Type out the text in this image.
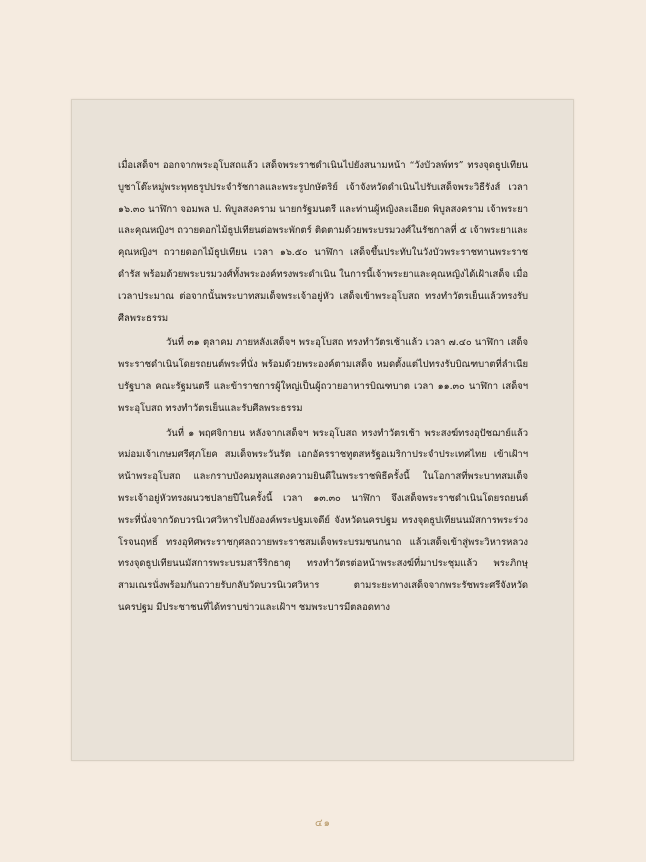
เมื่อเสด็จฯ ออกจากพระอุโบสถแล้ว เสด็จพระราชดำเนินไปยังสนามหน้า “วังบัวลพ์ทร” ทรงจุดธูปเทียนบูชาโต๊ะหมู่พระพุทธรูปประจำรัชกาลและพระรูปกษัตริย์ เจ้าจังหวัดดำเนินไปรับเสด็จพระวิธีรังส์ เวลา ๑๖.๓๐ นาฬิกา จอมพล ป. พิบูลสงคราม นายกรัฐมนตรี และท่านผู้หญิงละเอียด พิบูลสงคราม เจ้าพระยาและคุณหญิงฯ ถวายดอกไม้ธูปเทียนต่อพระพักตร์ ติดตามด้วยพระบรมวงศ์ในรัชกาลที่ ๕ เจ้าพระยาและคุณหญิงฯ ถวายดอกไม้ธูปเทียน เวลา ๑๖.๕๐ นาฬิกา เสด็จขึ้นประทับในวังบัวพระราชทานพระราชดำรัส พร้อมด้วยพระบรมวงศ์ทั้งพระองค์ทรงพระดำเนิน ในการนี้เจ้าพระยาและคุณหญิงได้เฝ้าเสด็จ เมื่อเวลาประมาณ ต่อจากนั้นพระบาทสมเด็จพระเจ้าอยู่หัว เสด็จเข้าพระอุโบสถ ทรงทำวัตรเย็นแล้วทรงรับศีลพระธรรม

วันที่ ๓๑ ตุลาคม ภายหลังเสด็จฯ พระอุโบสถ ทรงทำวัตรเช้าแล้ว เวลา ๗.๔๐ นาฬิกา เสด็จพระราชดำเนินโดยรถยนต์พระที่นั่ง พร้อมด้วยพระองค์ตามเสด็จ หมดตั้งแต่ไปทรงรับบิณฑบาตที่ลำเนียบรัฐบาล คณะรัฐมนตรี และข้าราชการผู้ใหญ่เป็นผู้ถวายอาหารบิณฑบาต เวลา ๑๑.๓๐ นาฬิกา เสด็จฯ พระอุโบสถ ทรงทำวัตรเย็นและรับศีลพระธรรม

วันที่ ๑ พฤศจิกายน หลังจากเสด็จฯ พระอุโบสถ ทรงทำวัตรเช้า พระสงฆ์ทรงอุปัชฌาย์แล้ว หม่อมเจ้าเกษมศรีศุภโยค สมเด็จพระวันรัต เอกอัครราชทูตสหรัฐอเมริกาประจำประเทศไทย เข้าเฝ้าฯ หน้าพระอุโบสถ และกราบบังคมทูลแสดงความยินดีในพระราชพิธีครั้งนี้ ในโอกาสที่พระบาทสมเด็จพระเจ้าอยู่หัวทรงผนวชปลายปีในครั้งนี้ เวลา ๑๓.๓๐ นาฬิกา จึงเสด็จพระราชดำเนินโดยรถยนต์พระที่นั่งจากวัดบวรนิเวศวิหารไปยังองค์พระปฐมเจดีย์ จังหวัดนครปฐม ทรงจุดธูปเทียนนมัสการพระร่วงโรจนฤทธิ์ ทรงอุทิศพระราชกุศลถวายพระราชสมเด็จพระบรมชนกนาถ แล้วเสด็จเข้าสู่พระวิหารหลวง ทรงจุดธูปเทียนนมัสการพระบรมสารีริกธาตุ ทรงทำวัตรต่อหน้าพระสงฆ์ที่มาประชุมแล้ว พระภิกษุสามเณรนั่งพร้อมกันถวายรับกลับวัดบวรนิเวศวิหาร ตามระยะทางเสด็จจากพระรัชพระศรีจังหวัดนครปฐม มีประชาชนที่ได้ทราบข่าวและเฝ้าฯ ชมพระบารมีตลอดทาง

๔๑
